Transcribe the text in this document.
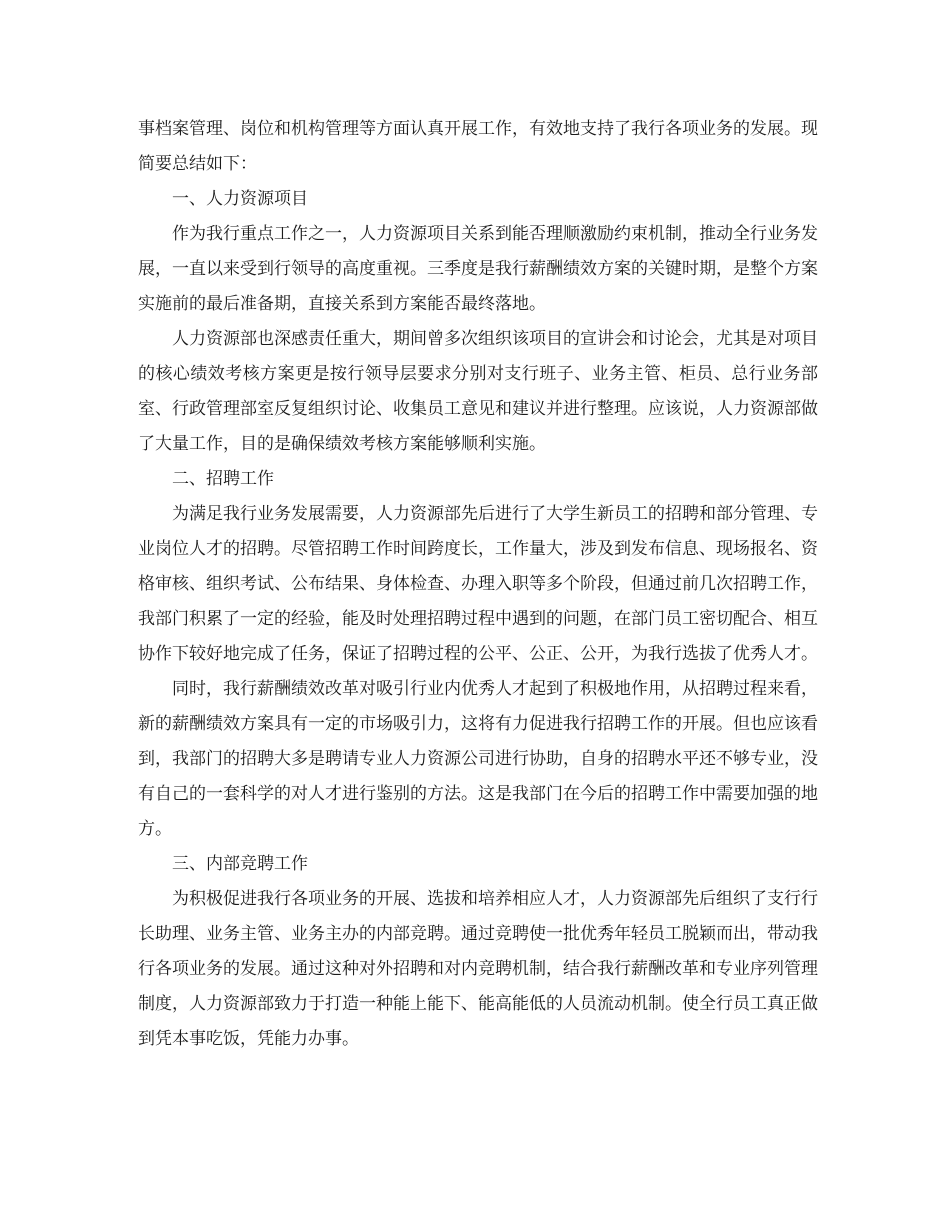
事档案管理、岗位和机构管理等方面认真开展工作，有效地支持了我行各项业务的发展。现简要总结如下：

一、人力资源项目

作为我行重点工作之一，人力资源项目关系到能否理顺激励约束机制，推动全行业务发展，一直以来受到行领导的高度重视。三季度是我行薪酬绩效方案的关键时期，是整个方案实施前的最后准备期，直接关系到方案能否最终落地。

人力资源部也深感责任重大，期间曾多次组织该项目的宣讲会和讨论会，尤其是对项目的核心绩效考核方案更是按行领导层要求分别对支行班子、业务主管、柜员、总行业务部室、行政管理部室反复组织讨论、收集员工意见和建议并进行整理。应该说，人力资源部做了大量工作，目的是确保绩效考核方案能够顺利实施。

二、招聘工作

为满足我行业务发展需要，人力资源部先后进行了大学生新员工的招聘和部分管理、专业岗位人才的招聘。尽管招聘工作时间跨度长，工作量大，涉及到发布信息、现场报名、资格审核、组织考试、公布结果、身体检查、办理入职等多个阶段，但通过前几次招聘工作，我部门积累了一定的经验，能及时处理招聘过程中遇到的问题，在部门员工密切配合、相互协作下较好地完成了任务，保证了招聘过程的公平、公正、公开，为我行选拔了优秀人才。

同时，我行薪酬绩效改革对吸引行业内优秀人才起到了积极地作用，从招聘过程来看，新的薪酬绩效方案具有一定的市场吸引力，这将有力促进我行招聘工作的开展。但也应该看到，我部门的招聘大多是聘请专业人力资源公司进行协助，自身的招聘水平还不够专业，没有自己的一套科学的对人才进行鉴别的方法。这是我部门在今后的招聘工作中需要加强的地方。

三、内部竞聘工作

为积极促进我行各项业务的开展、选拔和培养相应人才，人力资源部先后组织了支行行长助理、业务主管、业务主办的内部竞聘。通过竞聘使一批优秀年轻员工脱颖而出，带动我行各项业务的发展。通过这种对外招聘和对内竞聘机制，结合我行薪酬改革和专业序列管理制度，人力资源部致力于打造一种能上能下、能高能低的人员流动机制。使全行员工真正做到凭本事吃饭，凭能力办事。
